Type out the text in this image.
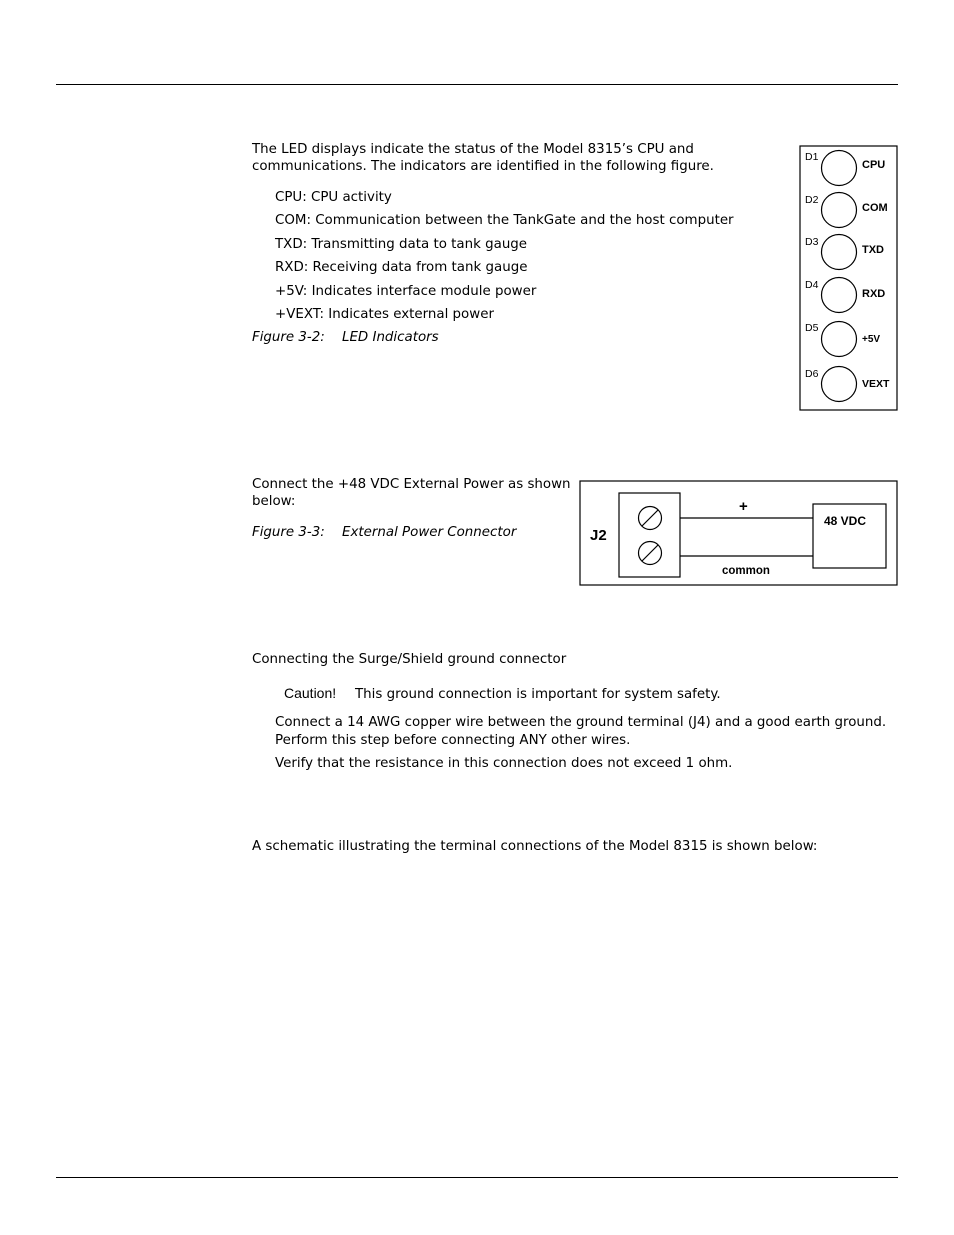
The LED displays indicate the status of the Model 8315’s CPU and
communications. The indicators are identified in the following figure.
CPU: CPU activity
COM: Communication between the TankGate and the host computer
TXD: Transmitting data to tank gauge
RXD: Receiving data from tank gauge
+5V: Indicates interface module power
+VEXT: Indicates external power
Figure 3-2: LED Indicators
D1
CPU
D2
COM
D3
TXD
D4
RXD
D5
+5V
D6
VEXT
Connect the +48 VDC External Power as shown
below:
Figure 3-3: External Power Connector	J2
+
common
48 VDC
Connecting the Surge/Shield ground connector
Caution! This ground connection is important for system safety.
Connect a 14 AWG copper wire between the ground terminal (J4) and a good earth ground.
Perform this step before connecting ANY other wires.
Verify that the resistance in this connection does not exceed 1 ohm.
A schematic illustrating the terminal connections of the Model 8315 is shown below:
